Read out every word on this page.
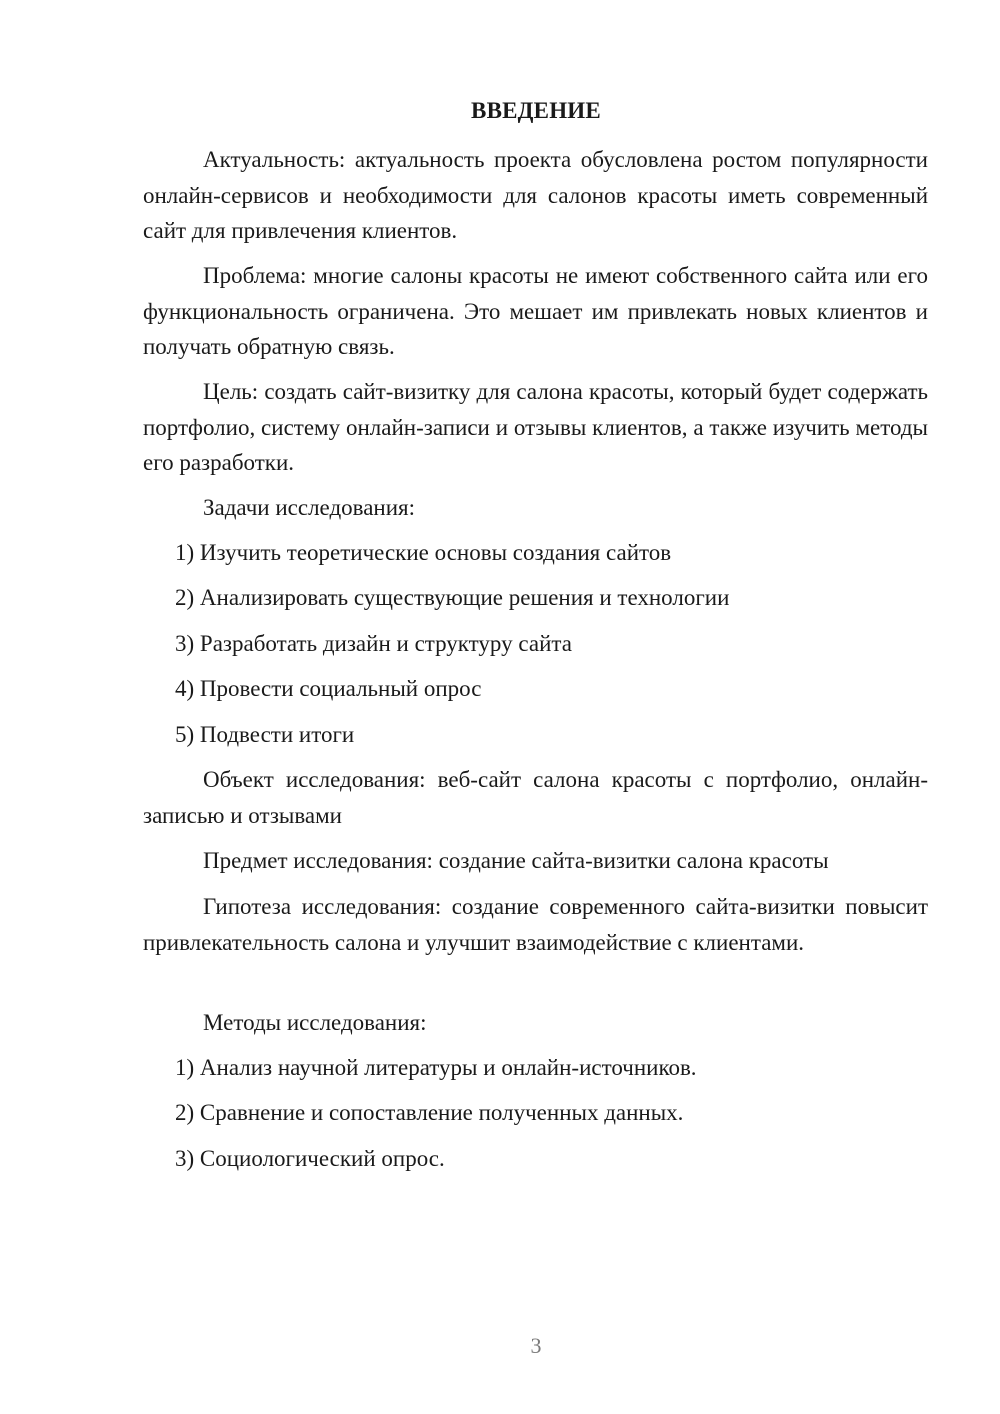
ВВЕДЕНИЕ

Актуальность: актуальность проекта обусловлена ростом популярности онлайн-сервисов и необходимости для салонов красоты иметь современный сайт для привлечения клиентов.

Проблема: многие салоны красоты не имеют собственного сайта или его функциональность ограничена. Это мешает им привлекать новых клиентов и получать обратную связь.

Цель: создать сайт-визитку для салона красоты, который будет содержать портфолио, систему онлайн-записи и отзывы клиентов, а также изучить методы его разработки.

Задачи исследования:

1) Изучить теоретические основы создания сайтов

2) Анализировать существующие решения и технологии

3) Разработать дизайн и структуру сайта

4) Провести социальный опрос

5) Подвести итоги

Объект исследования: веб-сайт салона красоты с портфолио, онлайн-записью и отзывами

Предмет исследования: создание сайта-визитки салона красоты

Гипотеза исследования: создание современного сайта-визитки повысит привлекательность салона и улучшит взаимодействие с клиентами.

Методы исследования:

1) Анализ научной литературы и онлайн-источников.

2) Сравнение и сопоставление полученных данных.

3) Социологический опрос.

3
